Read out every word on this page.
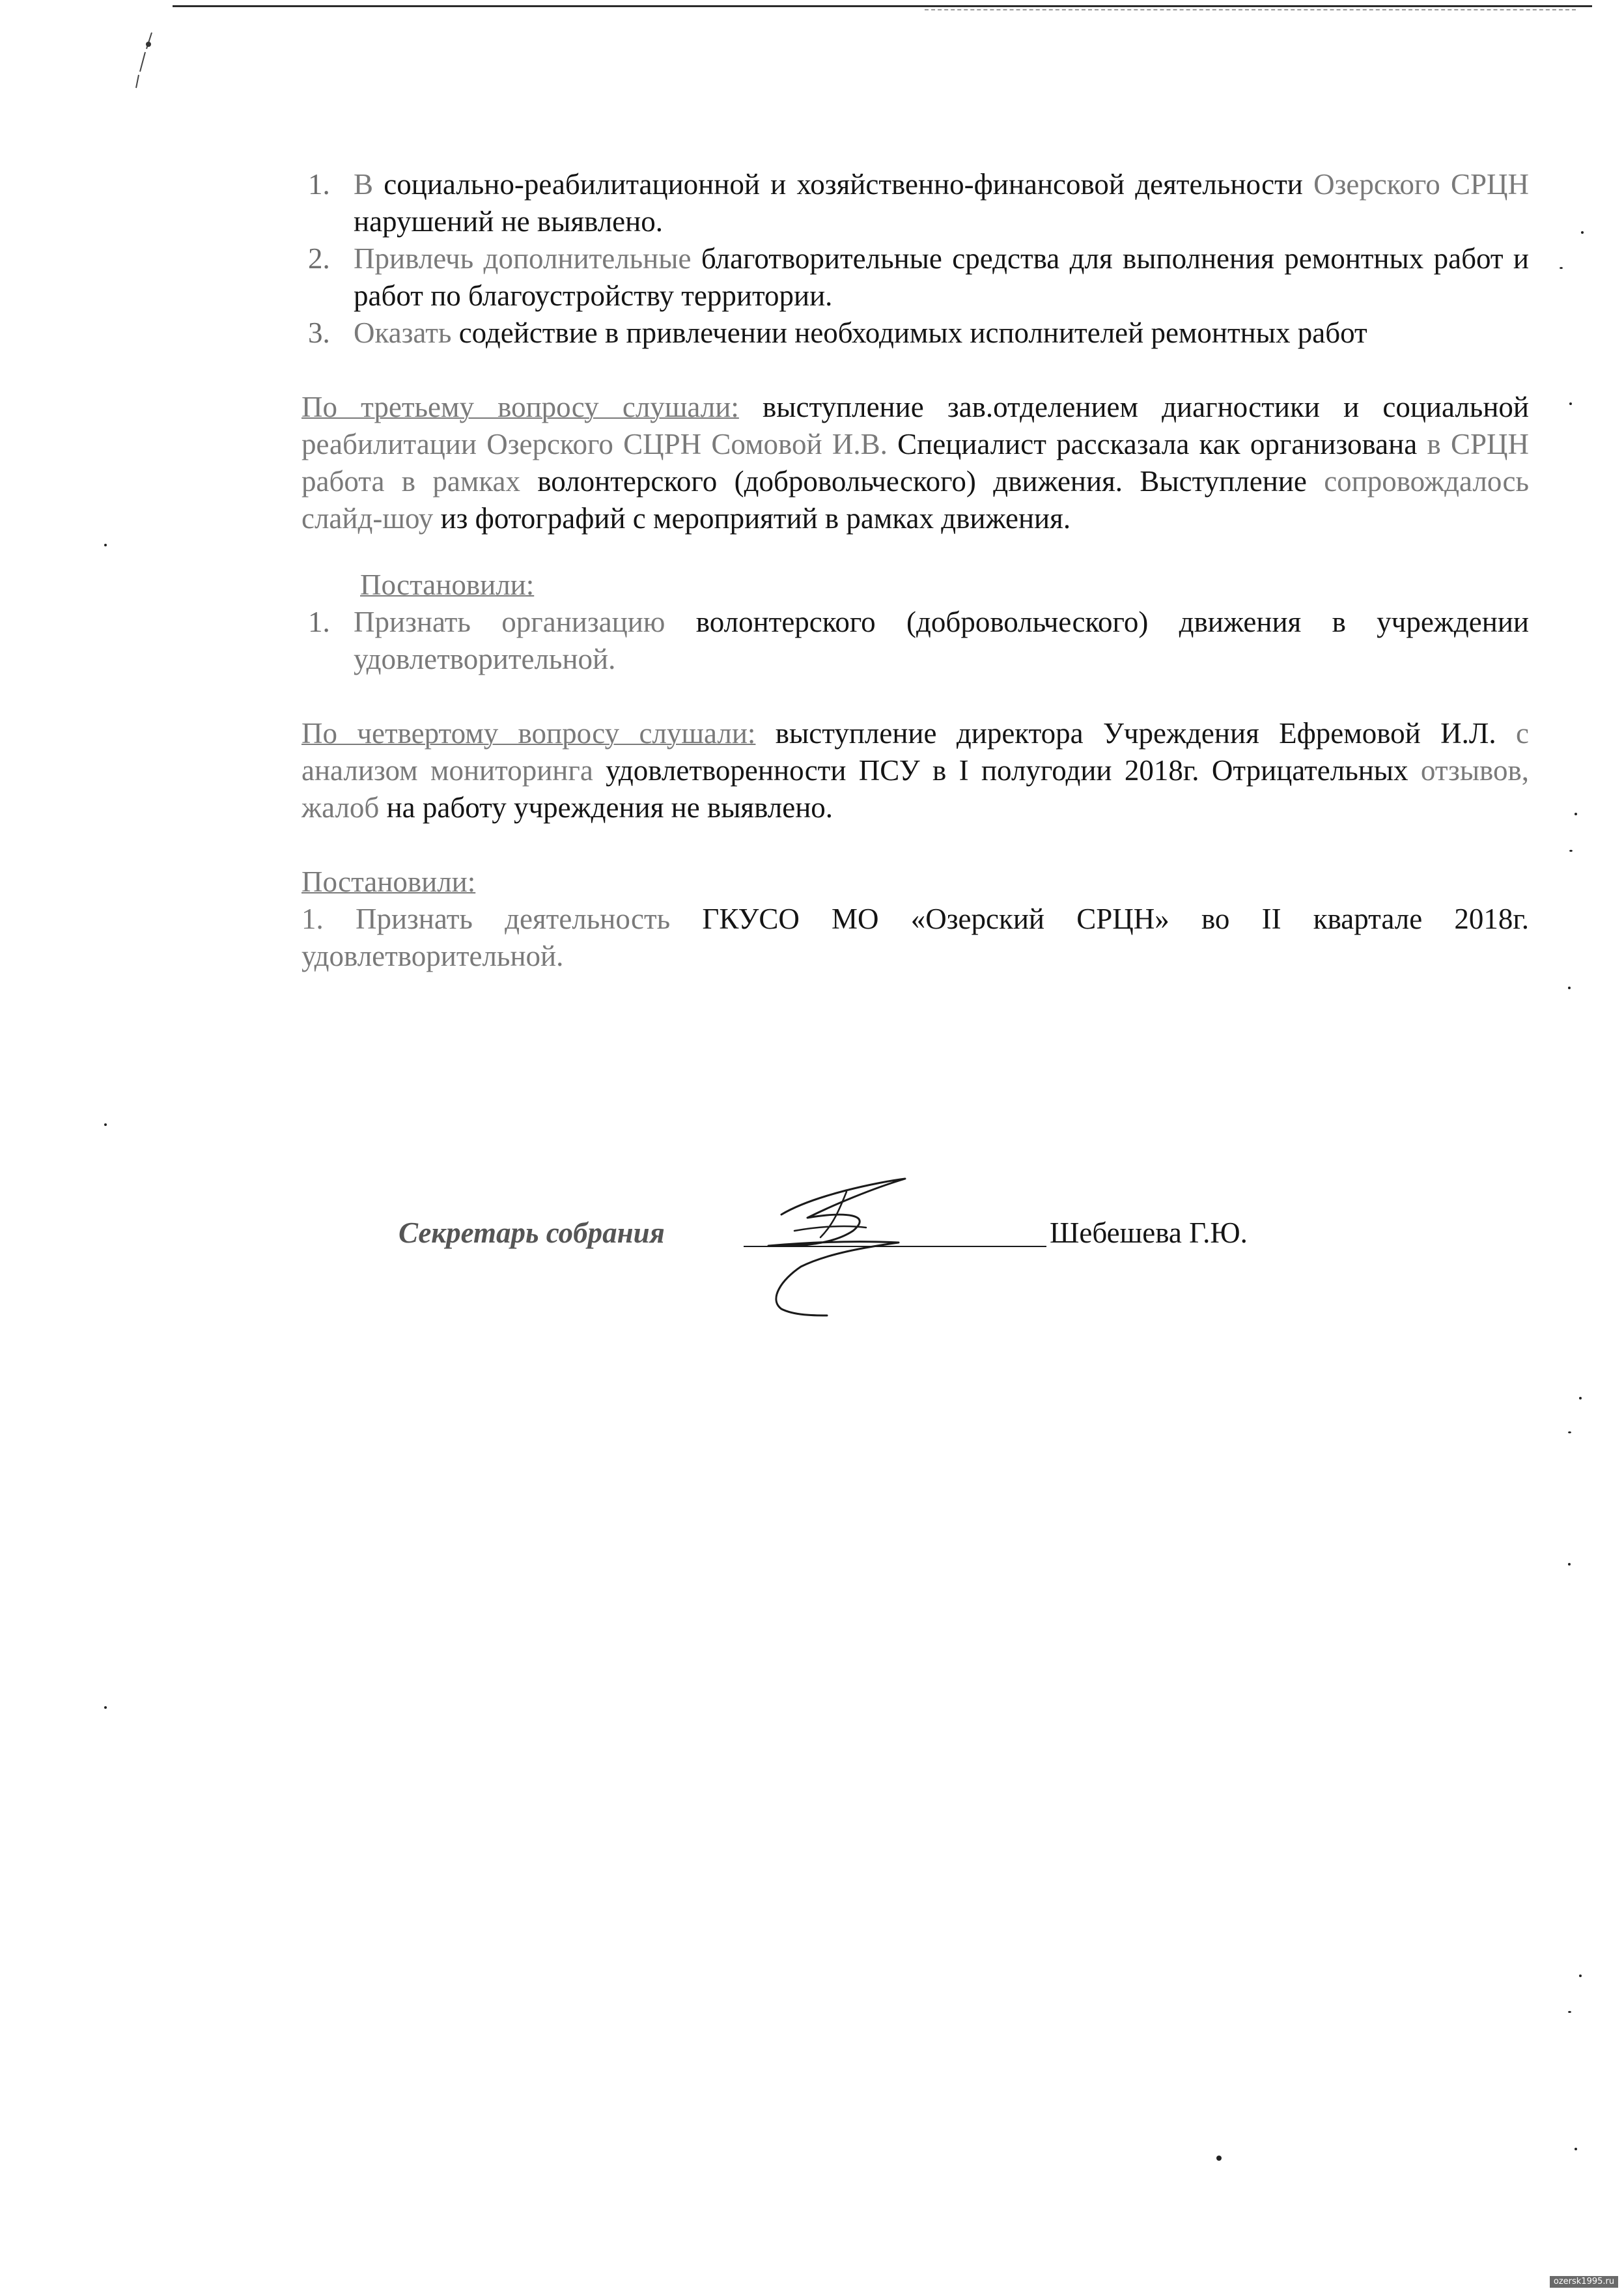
1. В социально-реабилитационной и хозяйственно-финансовой деятельности Озерского СРЦН нарушений не выявлено.
2. Привлечь дополнительные благотворительные средства для выполнения ремонтных работ и работ по благоустройству территории.
3. Оказать содействие в привлечении необходимых исполнителей ремонтных работ
По третьему вопросу слушали: выступление зав.отделением диагностики и социальной реабилитации Озерского СЦРН Сомовой И.В. Специалист рассказала как организована в СРЦН работа в рамках волонтерского (добровольческого) движения. Выступление сопровождалось слайд-шоу из фотографий с мероприятий в рамках движения.
Постановили:
1. Признать организацию волонтерского (добровольческого) движения в учреждении удовлетворительной.
По четвертому вопросу слушали: выступление директора Учреждения Ефремовой И.Л. с анализом мониторинга удовлетворенности ПСУ в I полугодии 2018г. Отрицательных отзывов, жалоб на работу учреждения не выявлено.
Постановили:
1. Признать деятельность ГКУСО МО «Озерский СРЦН» во II квартале 2018г. удовлетворительной.
Секретарь собрания	Шебешева Г.Ю.
ozersk1995.ru
